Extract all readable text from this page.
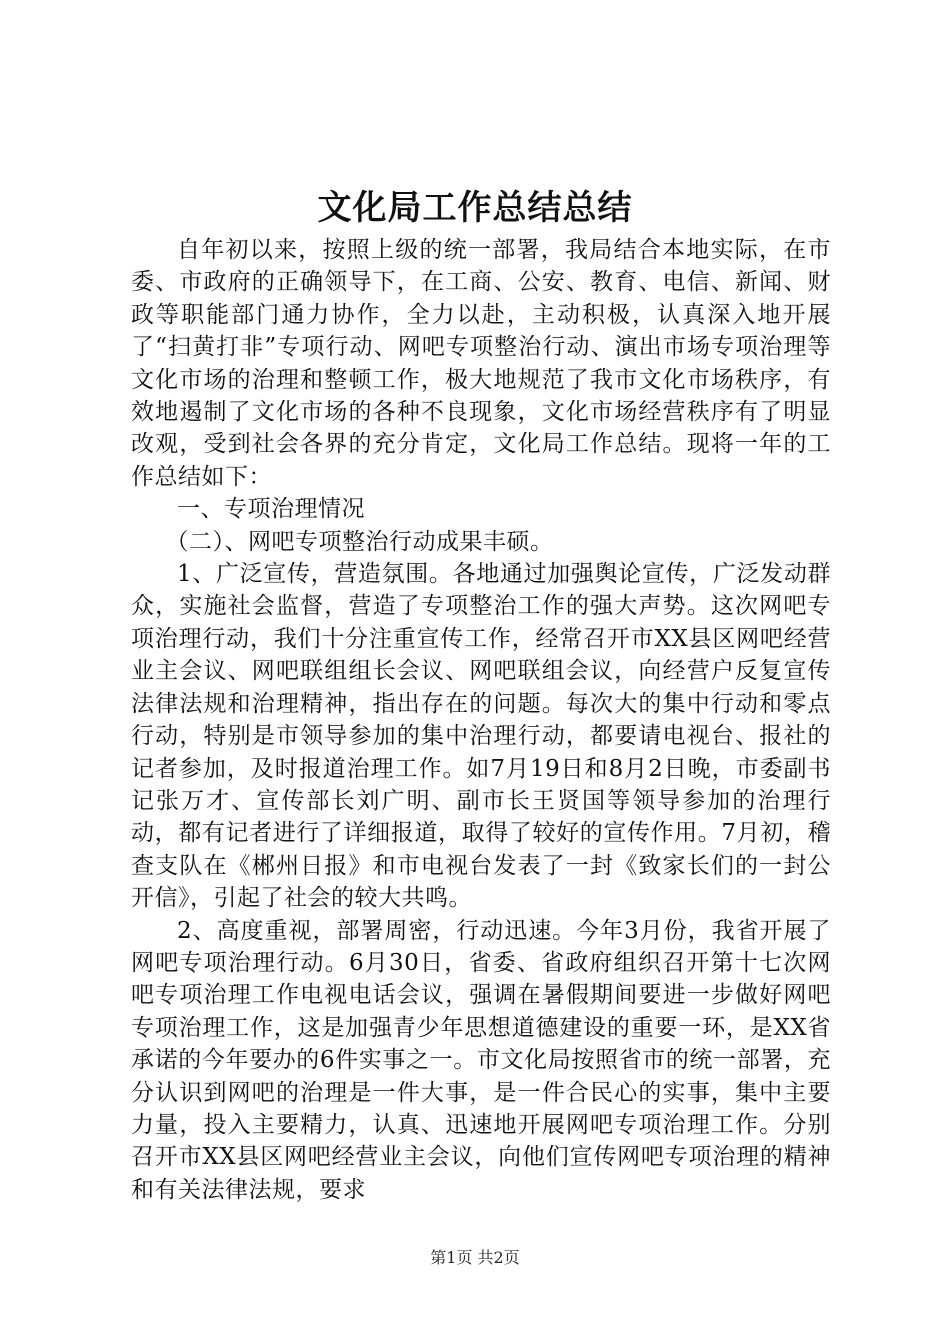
文化局工作总结总结

自年初以来，按照上级的统一部署，我局结合本地实际，在市委、市政府的正确领导下，在工商、公安、教育、电信、新闻、财政等职能部门通力协作，全力以赴，主动积极，认真深入地开展了“扫黄打非”专项行动、网吧专项整治行动、演出市场专项治理等文化市场的治理和整顿工作，极大地规范了我市文化市场秩序，有效地遏制了文化市场的各种不良现象，文化市场经营秩序有了明显改观，受到社会各界的充分肯定，文化局工作总结。现将一年的工作总结如下：

一、专项治理情况

（二）、网吧专项整治行动成果丰硕。

1、广泛宣传，营造氛围。各地通过加强舆论宣传，广泛发动群众，实施社会监督，营造了专项整治工作的强大声势。这次网吧专项治理行动，我们十分注重宣传工作，经常召开市XX县区网吧经营业主会议、网吧联组组长会议、网吧联组会议，向经营户反复宣传法律法规和治理精神，指出存在的问题。每次大的集中行动和零点行动，特别是市领导参加的集中治理行动，都要请电视台、报社的记者参加，及时报道治理工作。如7月19日和8月2日晚，市委副书记张万才、宣传部长刘广明、副市长王贤国等领导参加的治理行动，都有记者进行了详细报道，取得了较好的宣传作用。7月初，稽查支队在《郴州日报》和市电视台发表了一封《致家长们的一封公开信》，引起了社会的较大共鸣。

2、高度重视，部署周密，行动迅速。今年3月份，我省开展了网吧专项治理行动。6月30日，省委、省政府组织召开第十七次网吧专项治理工作电视电话会议，强调在暑假期间要进一步做好网吧专项治理工作，这是加强青少年思想道德建设的重要一环，是XX省承诺的今年要办的6件实事之一。市文化局按照省市的统一部署，充分认识到网吧的治理是一件大事，是一件合民心的实事，集中主要力量，投入主要精力，认真、迅速地开展网吧专项治理工作。分别召开市XX县区网吧经营业主会议，向他们宣传网吧专项治理的精神和有关法律法规，要求

第1页 共2页
